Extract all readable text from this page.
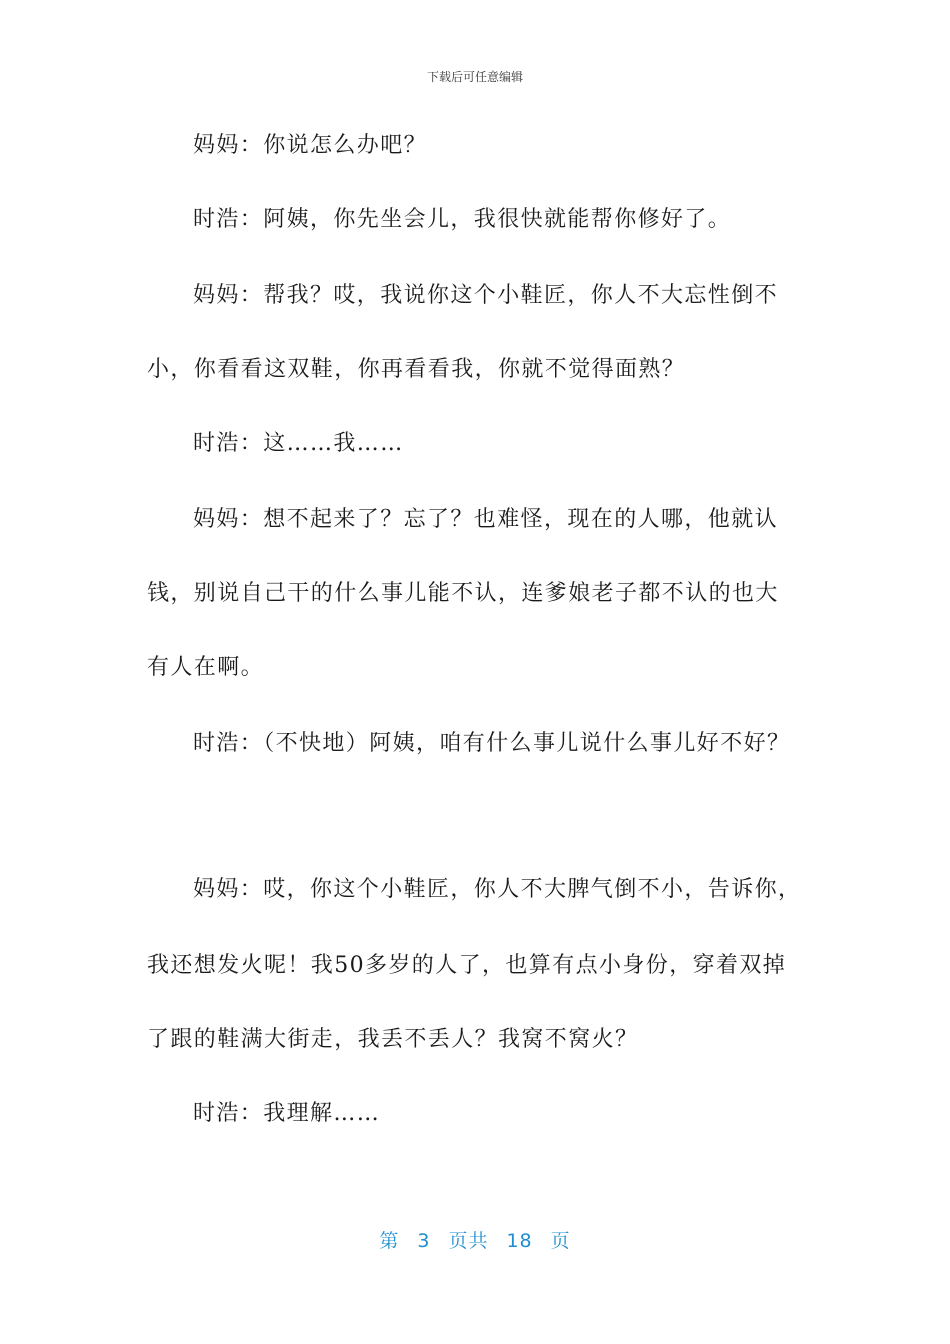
下载后可任意编辑

妈妈：你说怎么办吧？

时浩：阿姨，你先坐会儿，我很快就能帮你修好了。

妈妈：帮我？哎，我说你这个小鞋匠，你人不大忘性倒不

小，你看看这双鞋，你再看看我，你就不觉得面熟？

时浩：这……我……

妈妈：想不起来了？忘了？也难怪，现在的人哪，他就认

钱，别说自己干的什么事儿能不认，连爹娘老子都不认的也大

有人在啊。

时浩：（不快地）阿姨，咱有什么事儿说什么事儿好不好？

妈妈：哎，你这个小鞋匠，你人不大脾气倒不小，告诉你，

我还想发火呢！我50多岁的人了，也算有点小身份，穿着双掉

了跟的鞋满大街走，我丢不丢人？我窝不窝火？

时浩：我理解……

第 3 页共 18 页
